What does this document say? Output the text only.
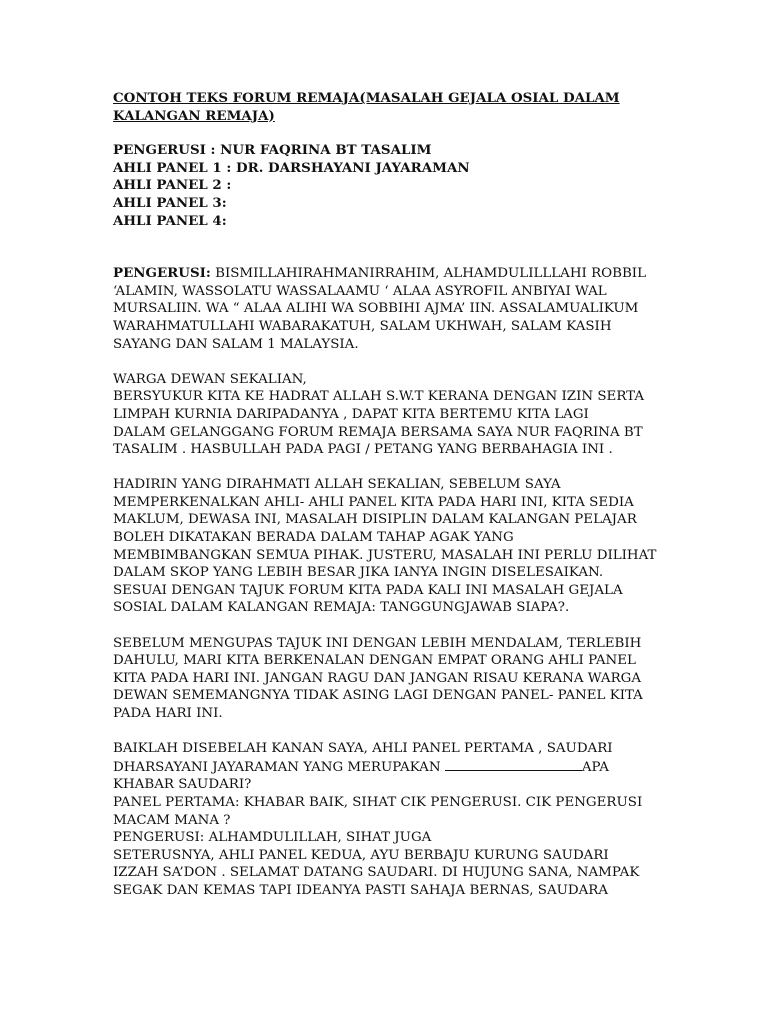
CONTOH TEKS FORUM REMAJA(MASALAH GEJALA OSIAL DALAM
KALANGAN REMAJA)
PENGERUSI : NUR FAQRINA BT TASALIM
AHLI PANEL 1 : DR. DARSHAYANI JAYARAMAN
AHLI PANEL 2 :
AHLI PANEL 3:
AHLI PANEL 4:
PENGERUSI: BISMILLAHIRAHMANIRRAHIM, ALHAMDULILLLAHI ROBBIL
‘ALAMIN, WASSOLATU WASSALAAMU ‘ ALAA ASYROFIL ANBIYAI WAL
MURSALIIN. WA “ ALAA ALIHI WA SOBBIHI AJMA’ IIN. ASSALAMUALIKUM
WARAHMATULLAHI WABARAKATUH, SALAM UKHWAH, SALAM KASIH
SAYANG DAN SALAM 1 MALAYSIA.
WARGA DEWAN SEKALIAN,
BERSYUKUR KITA KE HADRAT ALLAH S.W.T KERANA DENGAN IZIN SERTA
LIMPAH KURNIA DARIPADANYA , DAPAT KITA BERTEMU KITA LAGI
DALAM GELANGGANG FORUM REMAJA BERSAMA SAYA NUR FAQRINA BT
TASALIM . HASBULLAH PADA PAGI / PETANG YANG BERBAHAGIA INI .
HADIRIN YANG DIRAHMATI ALLAH SEKALIAN, SEBELUM SAYA
MEMPERKENALKAN AHLI- AHLI PANEL KITA PADA HARI INI, KITA SEDIA
MAKLUM, DEWASA INI, MASALAH DISIPLIN DALAM KALANGAN PELAJAR
BOLEH DIKATAKAN BERADA DALAM TAHAP AGAK YANG
MEMBIMBANGKAN SEMUA PIHAK. JUSTERU, MASALAH INI PERLU DILIHAT
DALAM SKOP YANG LEBIH BESAR JIKA IANYA INGIN DISELESAIKAN.
SESUAI DENGAN TAJUK FORUM KITA PADA KALI INI MASALAH GEJALA
SOSIAL DALAM KALANGAN REMAJA: TANGGUNGJAWAB SIAPA?.
SEBELUM MENGUPAS TAJUK INI DENGAN LEBIH MENDALAM, TERLEBIH
DAHULU, MARI KITA BERKENALAN DENGAN EMPAT ORANG AHLI PANEL
KITA PADA HARI INI. JANGAN RAGU DAN JANGAN RISAU KERANA WARGA
DEWAN SEMEMANGNYA TIDAK ASING LAGI DENGAN PANEL- PANEL KITA
PADA HARI INI.
BAIKLAH DISEBELAH KANAN SAYA, AHLI PANEL PERTAMA , SAUDARI
DHARSAYANI JAYARAMAN YANG MERUPAKAN	APA
KHABAR SAUDARI?
PANEL PERTAMA: KHABAR BAIK, SIHAT CIK PENGERUSI. CIK PENGERUSI
MACAM MANA ?
PENGERUSI: ALHAMDULILLAH, SIHAT JUGA
SETERUSNYA, AHLI PANEL KEDUA, AYU BERBAJU KURUNG SAUDARI
IZZAH SA’DON . SELAMAT DATANG SAUDARI. DI HUJUNG SANA, NAMPAK
SEGAK DAN KEMAS TAPI IDEANYA PASTI SAHAJA BERNAS, SAUDARA
